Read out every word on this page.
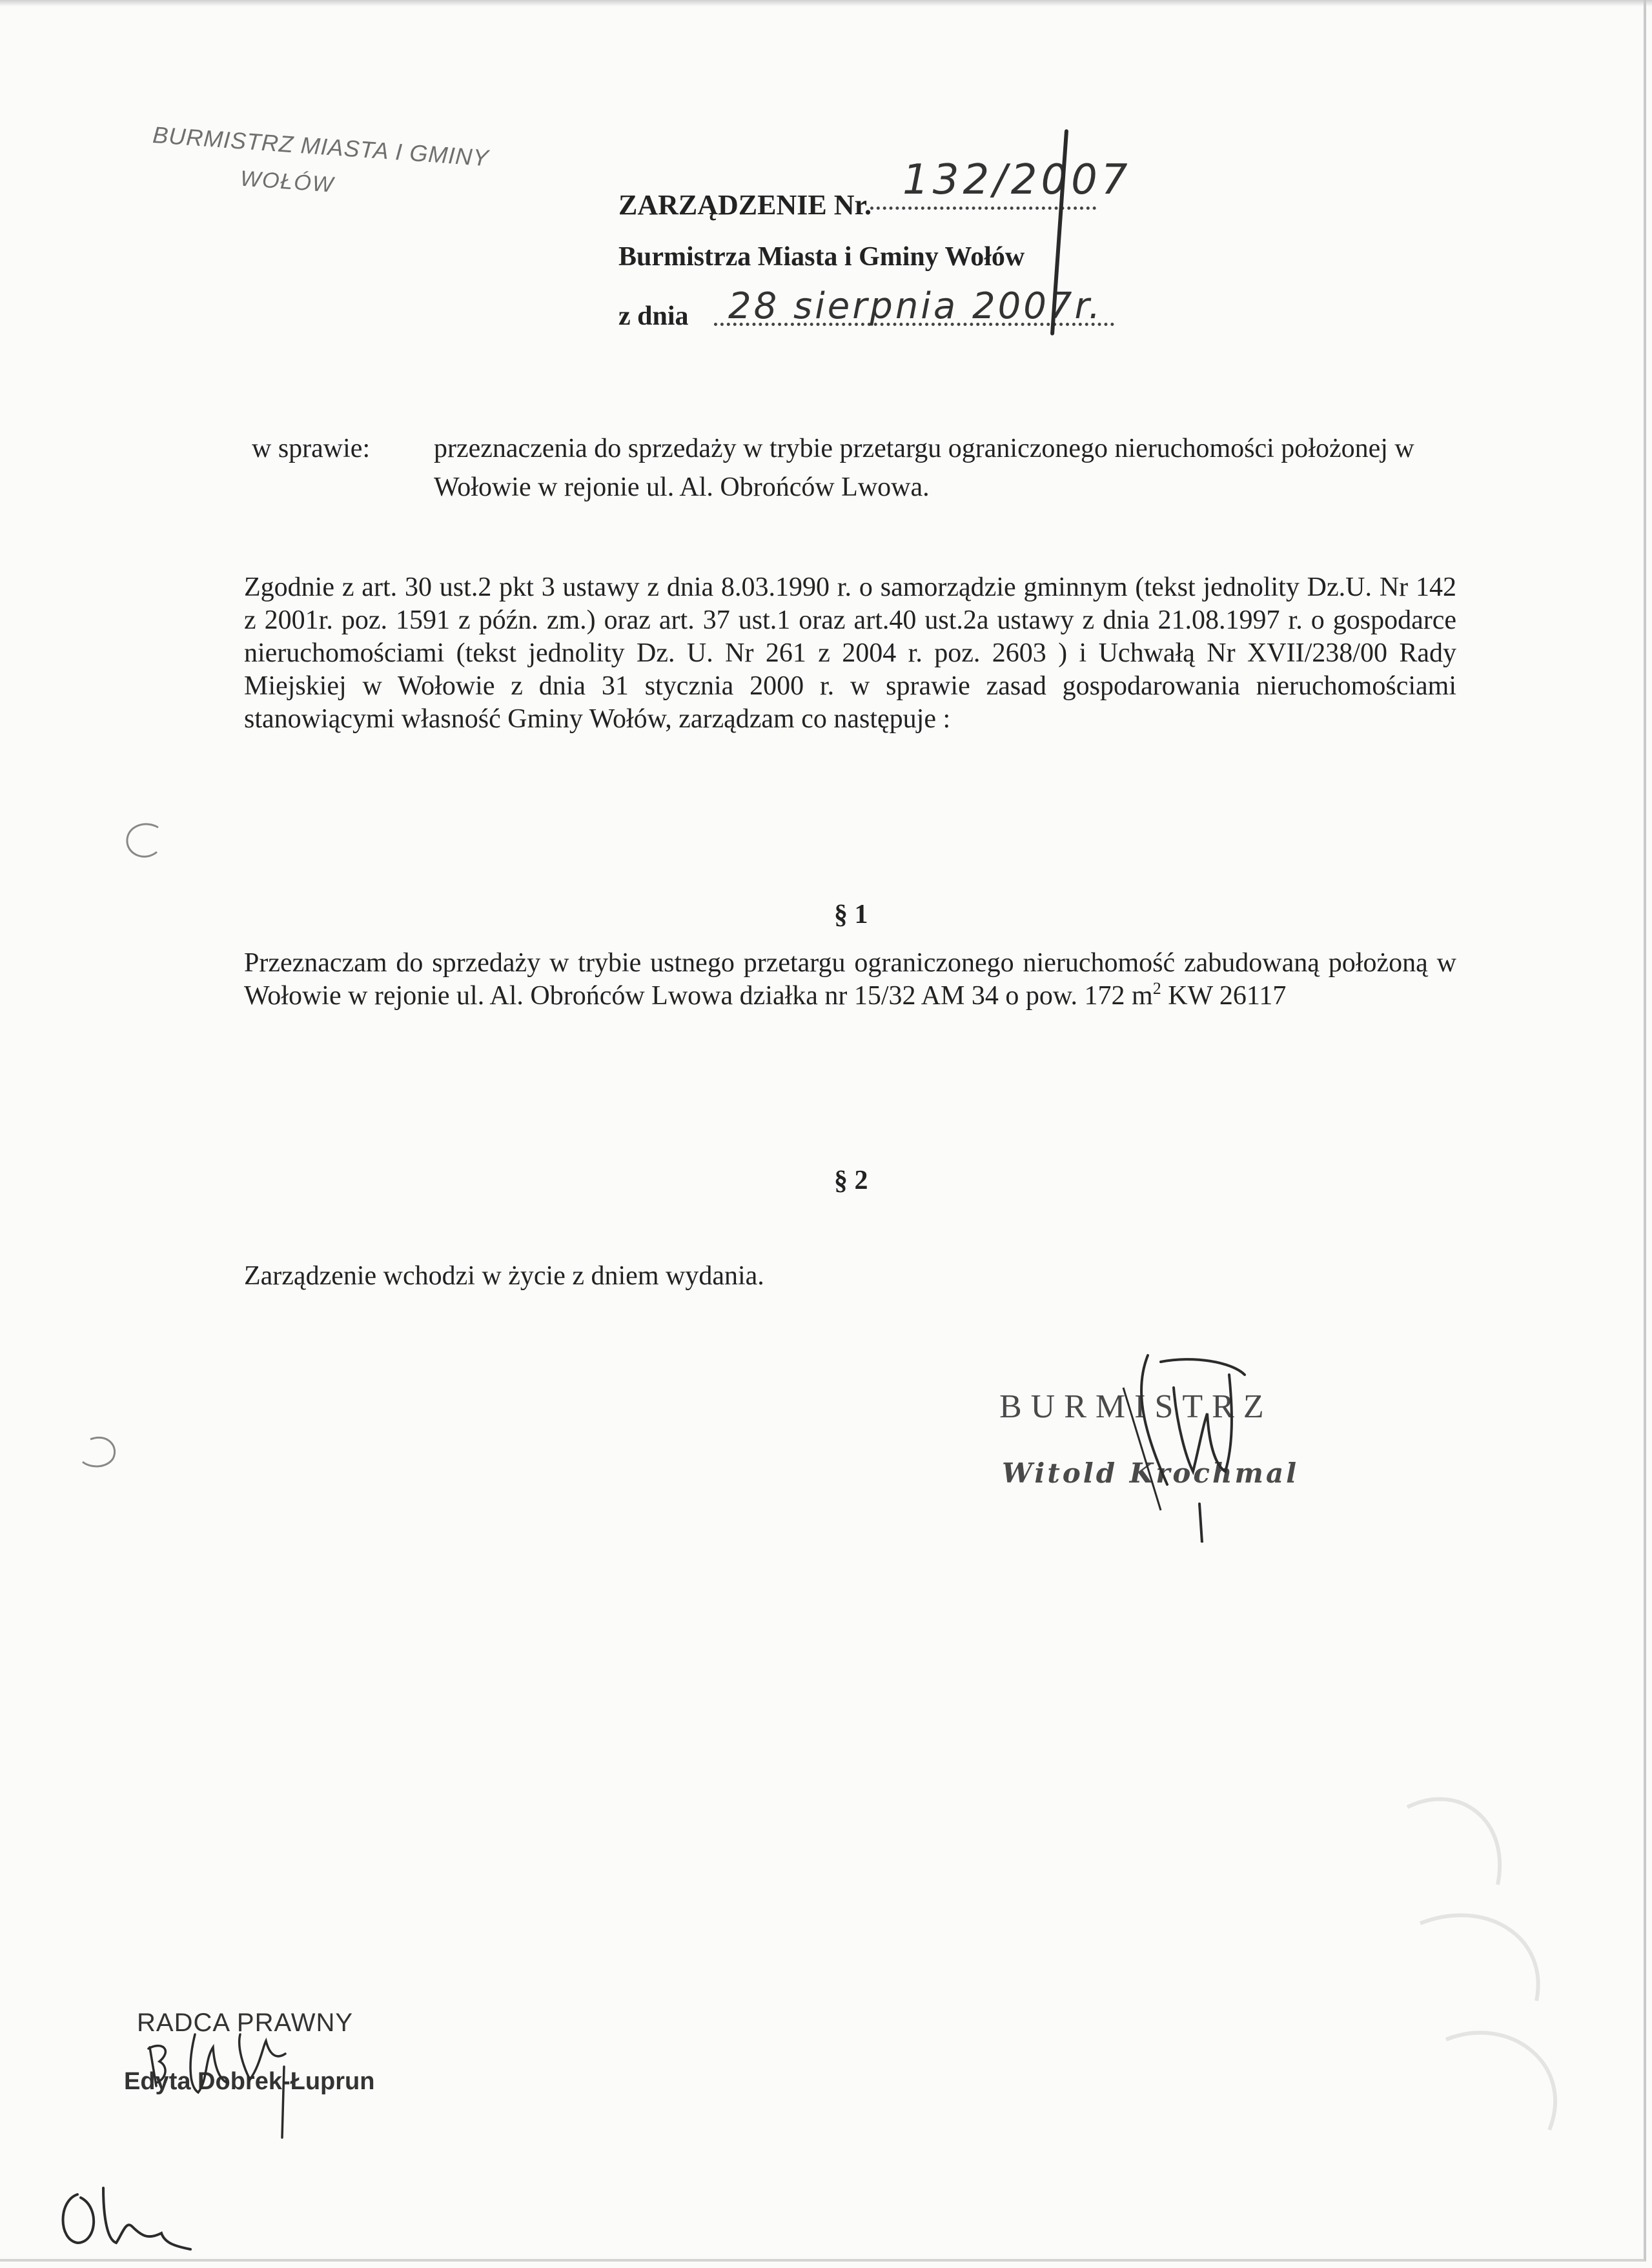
BURMISTRZ MIASTA I GMINY
WOŁÓW
ZARZĄDZENIE Nr.
132/2007
Burmistrza Miasta i Gminy Wołów
z dnia 28 sierpnia 2007r.
w sprawie: przeznaczenia do sprzedaży w trybie przetargu ograniczonego nieruchomości położonej w Wołowie w rejonie ul. Al. Obrońców Lwowa.
Zgodnie z art. 30 ust.2 pkt 3 ustawy z dnia 8.03.1990 r. o samorządzie gminnym (tekst jednolity Dz.U. Nr 142 z 2001r. poz. 1591 z późn. zm.) oraz art. 37 ust.1 oraz art.40 ust.2a ustawy z dnia 21.08.1997 r. o gospodarce nieruchomościami (tekst jednolity Dz. U. Nr 261 z 2004 r. poz. 2603 ) i Uchwałą Nr XVII/238/00 Rady Miejskiej w Wołowie z dnia 31 stycznia 2000 r. w sprawie zasad gospodarowania nieruchomościami stanowiącymi własność Gminy Wołów, zarządzam co następuje :
§ 1
Przeznaczam do sprzedaży w trybie ustnego przetargu ograniczonego nieruchomość zabudowaną położoną w Wołowie w rejonie ul. Al. Obrońców Lwowa działka nr 15/32 AM 34 o pow. 172 $m^2$ KW 26117
§ 2
Zarządzenie wchodzi w życie z dniem wydania.
BURMISTRZ
Witold Krochmal
RADCA PRAWNY
Edyta Dobrek-Łuprun
